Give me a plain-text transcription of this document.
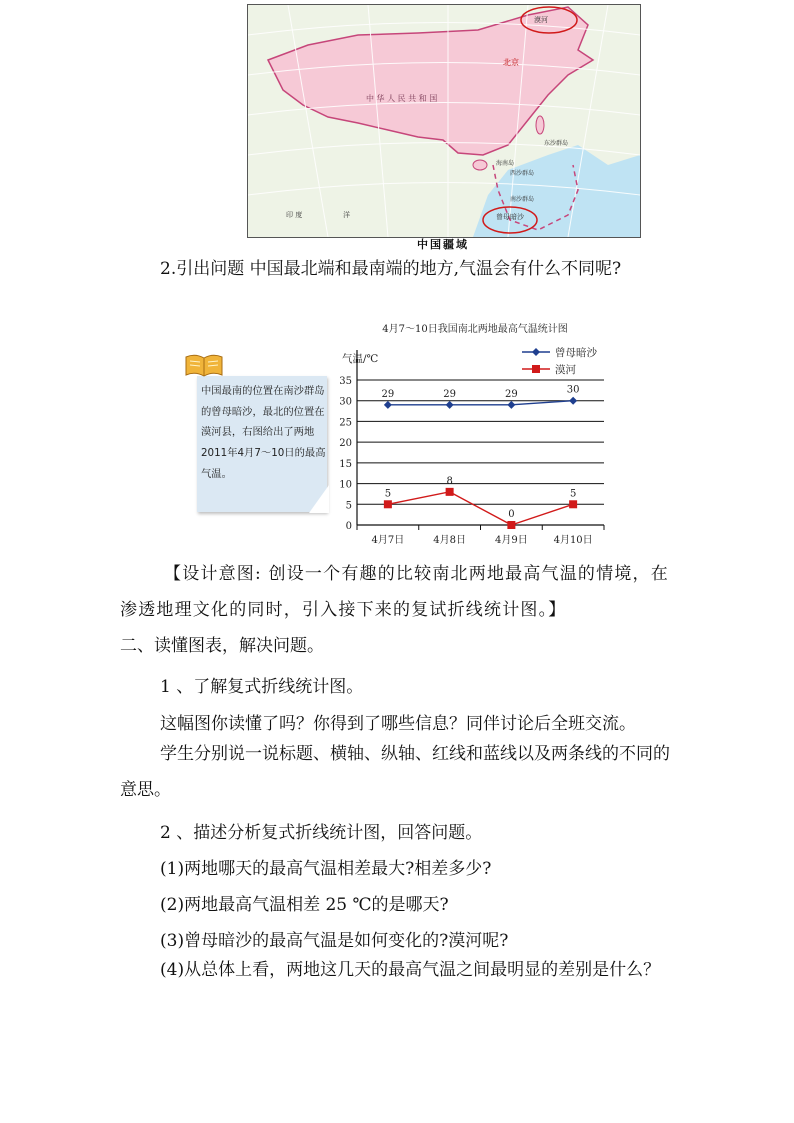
漠河
曾母暗沙
北京
中 华 人 民 共 和 国
海南岛
东沙群岛
西沙群岛
南沙群岛
印 度	洋
中国疆域
2.引出问题 中国最北端和最南端的地方,气温会有什么不同呢?
中国最南的位置在南沙群岛的曾母暗沙，最北的位置在漠河县，右图给出了两地2011年4月7～10日的最高气温。
4月7～10日我国南北两地最高气温统计图
气温/℃	曾母暗沙
漠河
0
5
10
15
20
25
30
35
4月7日	4月8日	4月9日	4月10日
29	29	29	30
5
8
0
5
【设计意图: 创设一个有趣的比较南北两地最高气温的情境，在渗透地理文化的同时，引入接下来的复试折线统计图。】
二、读懂图表，解决问题。
1 、了解复式折线统计图。
这幅图你读懂了吗？你得到了哪些信息？同伴讨论后全班交流。
学生分别说一说标题、横轴、纵轴、红线和蓝线以及两条线的不同的意思。
2 、描述分析复式折线统计图，回答问题。
(1)两地哪天的最高气温相差最大?相差多少?
(2)两地最高气温相差 25 ℃的是哪天?
(3)曾母暗沙的最高气温是如何变化的?漠河呢?
(4)从总体上看，两地这几天的最高气温之间最明显的差别是什么？
